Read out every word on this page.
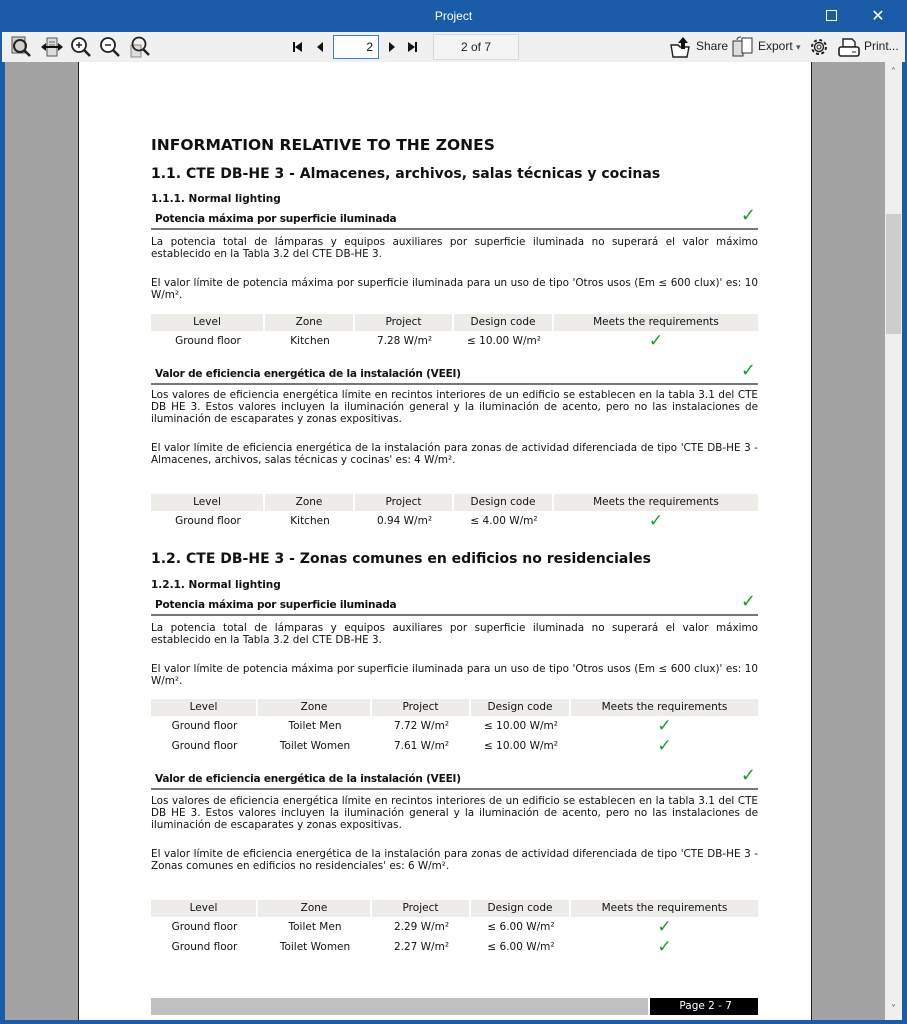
Project	✕
2	2 of 7	Share Export ▾	Print...
INFORMATION RELATIVE TO THE ZONES
1.1. CTE DB-HE 3 - Almacenes, archivos, salas técnicas y cocinas
1.1.1. Normal lighting
Potencia máxima por superficie iluminada	✓
La potencia total de lámparas y equipos auxiliares por superficie iluminada no superará el valor máximo establecido en la Tabla 3.2 del CTE DB-HE 3.
El valor límite de potencia máxima por superficie iluminada para un uso de tipo 'Otros usos (Em ≤ 600 clux)' es: 10 W/m².
Level	Zone	Project	Design code	Meets the requirements
Ground floor	Kitchen	7.28 W/m²	≤ 10.00 W/m²	✓
Valor de eficiencia energética de la instalación (VEEI)	✓
Los valores de eficiencia energética límite en recintos interiores de un edificio se establecen en la tabla 3.1 del CTE DB HE 3. Estos valores incluyen la iluminación general y la iluminación de acento, pero no las instalaciones de iluminación de escaparates y zonas expositivas.
El valor límite de eficiencia energética de la instalación para zonas de actividad diferenciada de tipo 'CTE DB-HE 3 - Almacenes, archivos, salas técnicas y cocinas' es: 4 W/m².
Level	Zone	Project	Design code	Meets the requirements
Ground floor	Kitchen	0.94 W/m²	≤ 4.00 W/m²	✓
1.2. CTE DB-HE 3 - Zonas comunes en edificios no residenciales
1.2.1. Normal lighting
Potencia máxima por superficie iluminada	✓
La potencia total de lámparas y equipos auxiliares por superficie iluminada no superará el valor máximo establecido en la Tabla 3.2 del CTE DB-HE 3.
El valor límite de potencia máxima por superficie iluminada para un uso de tipo 'Otros usos (Em ≤ 600 clux)' es: 10 W/m².
Level	Zone	Project	Design code	Meets the requirements
Ground floor	Toilet Men	7.72 W/m²	≤ 10.00 W/m²	✓
Ground floor	Toilet Women	7.61 W/m²	≤ 10.00 W/m²	✓
Valor de eficiencia energética de la instalación (VEEI)	✓
Los valores de eficiencia energética límite en recintos interiores de un edificio se establecen en la tabla 3.1 del CTE DB HE 3. Estos valores incluyen la iluminación general y la iluminación de acento, pero no las instalaciones de iluminación de escaparates y zonas expositivas.
El valor límite de eficiencia energética de la instalación para zonas de actividad diferenciada de tipo 'CTE DB-HE 3 - Zonas comunes en edificios no residenciales' es: 6 W/m².
Level	Zone	Project	Design code	Meets the requirements
Ground floor	Toilet Men	2.29 W/m²	≤ 6.00 W/m²	✓
Ground floor	Toilet Women	2.27 W/m²	≤ 6.00 W/m²	✓
Page 2 - 7
˄
˅
